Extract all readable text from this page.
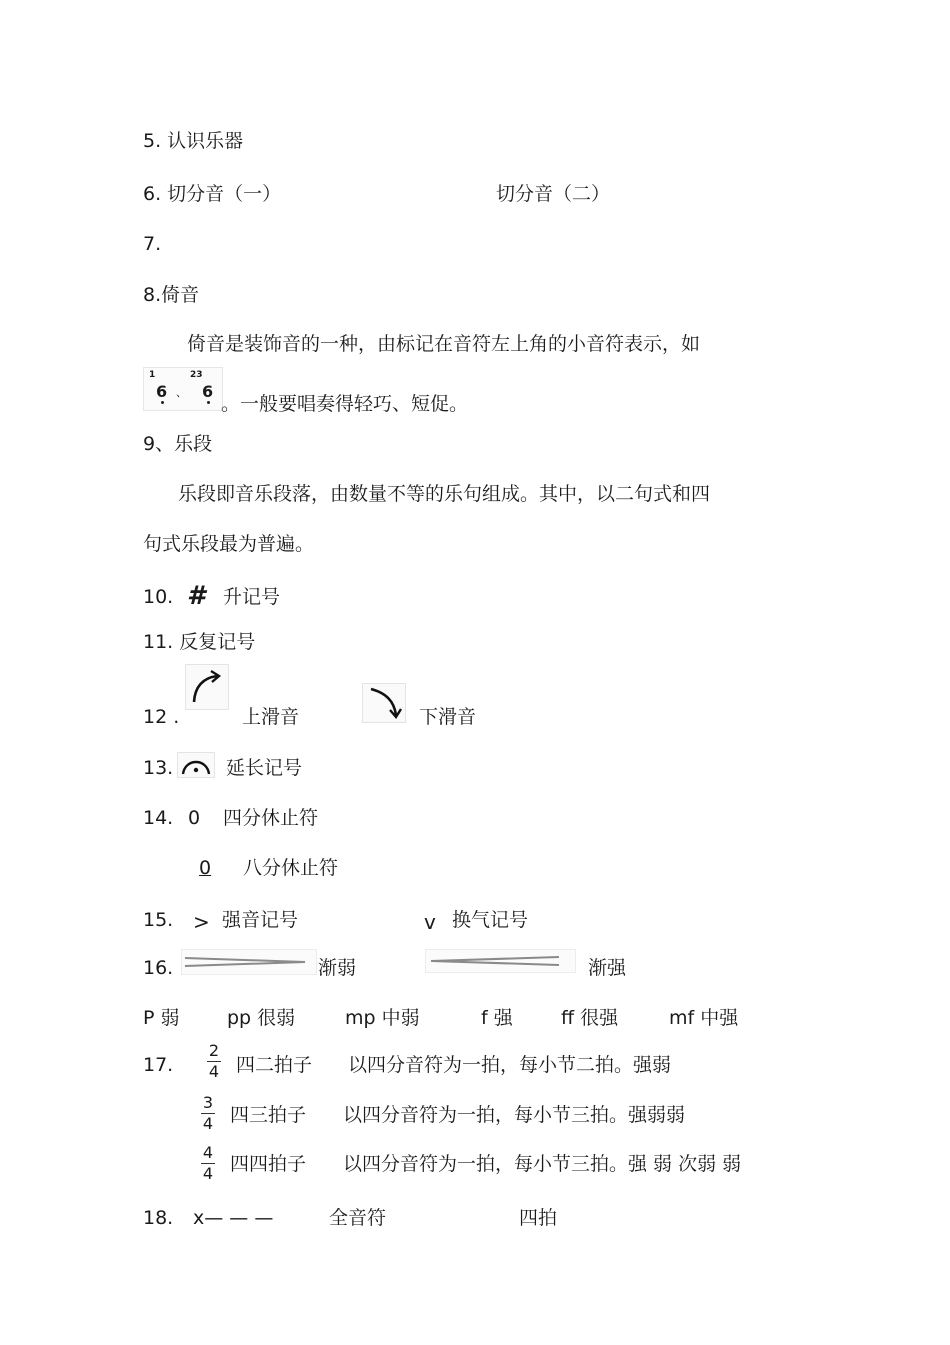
5. 认识乐器
6. 切分音（一）	切分音（二）
7.
8.倚音
倚音是装饰音的一种，由标记在音符左上角的小音符表示，如
1
6 、
23
6
。一般要唱奏得轻巧、短促。
9、乐段
乐段即音乐段落，由数量不等的乐句组成。其中，以二句式和四
句式乐段最为普遍。
10. # 升记号
11. 反复记号
12 .	上滑音	下滑音
13.	延长记号
14. 0 四分休止符
0 八分休止符
15. > 强音记号	v 换气记号
16.	渐弱	渐强
P 弱	pp 很弱	mp 中弱	f 强	ff 很强	mf 中强
17. $\frac{2}{4}$ 四二拍子 以四分音符为一拍，每小节二拍。强弱
$\frac{3}{4}$ 四三拍子 以四分音符为一拍，每小节三拍。强弱弱
$\frac{4}{4}$ 四四拍子 以四分音符为一拍，每小节三拍。强 弱 次弱 弱
18. x— — —	全音符	四拍
